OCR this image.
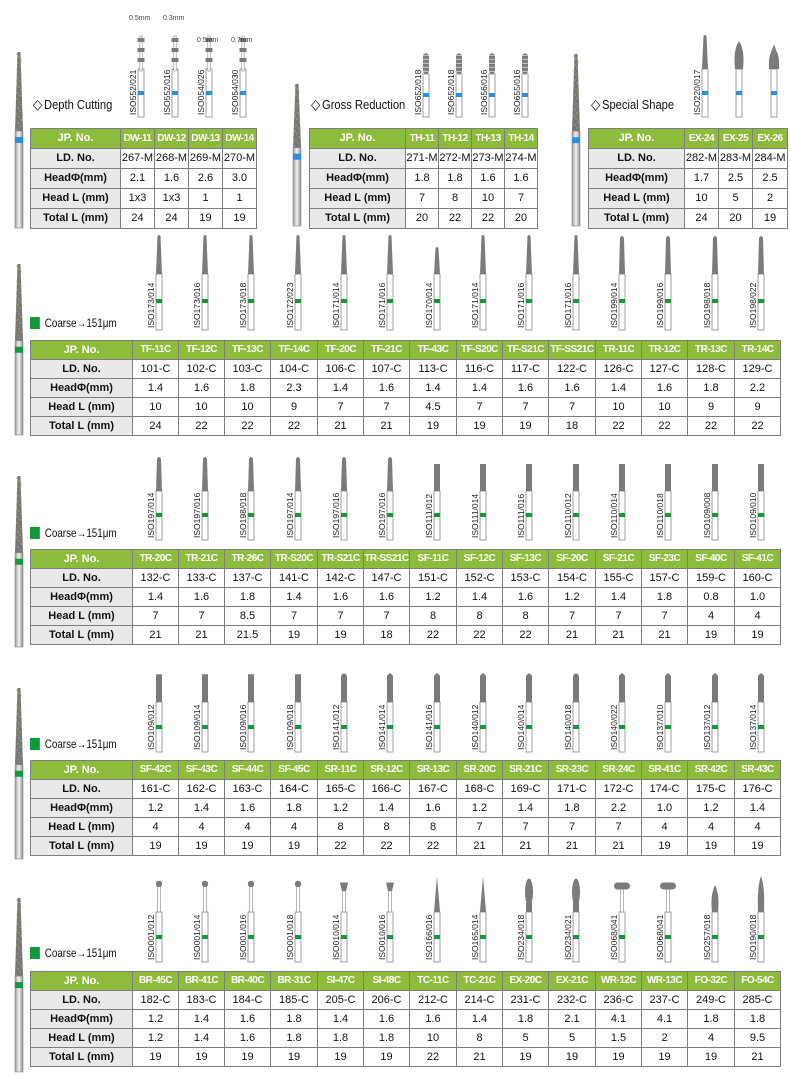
◇ Depth Cutting ISO552/021
0.5mm
ISO552/016
0.3mm
ISO054/026
0.5mm
ISO054/030
0.7mm
JP. No.	DW-11	DW-12	DW-13	DW-14
LD. No.	267-M	268-M	269-M	270-M
HeadΦ(mm)	2.1	1.6	2.6	3.0
Head L (mm)	1x3	1x3	1	1
Total L (mm)	24	24	19	19
◇ Gross Reduction ISO652/018	ISO652/018	ISO656/016	ISO655/016
JP. No.	TH-11	TH-12	TH-13	TH-14
LD. No.	271-M	272-M	273-M	274-M
HeadΦ(mm)	1.8	1.8	1.6	1.6
Head L (mm)	7	8	10	7
Total L (mm)	20	22	22	20
◇ Special Shape ISO220/017
JP. No.	EX-24	EX-25	EX-26
LD. No.	282-M	283-M	284-M
HeadΦ(mm)	1.7	2.5	2.5
Head L (mm)	10	5	2
Total L (mm)	24	20	19
Coarse→151μm	ISO173/014	ISO173/016	ISO173/018	ISO172/023	ISO171/014	ISO171/016	ISO170/014	ISO171/014	ISO171/016	ISO171/016	ISO199/014	ISO199/016	ISO198/018	ISO198/022
JP. No.	TF-11C	TF-12C	TF-13C	TF-14C	TF-20C	TF-21C	TF-43C	TF-S20C	TF-S21C	TF-SS21C	TR-11C	TR-12C	TR-13C	TR-14C
LD. No.	101-C	102-C	103-C	104-C	106-C	107-C	113-C	116-C	117-C	122-C	126-C	127-C	128-C	129-C
HeadΦ(mm)	1.4	1.6	1.8	2.3	1.4	1.6	1.4	1.4	1.6	1.6	1.4	1.6	1.8	2.2
Head L (mm)	10	10	10	9	7	7	4.5	7	7	7	10	10	9	9
Total L (mm)	24	22	22	22	21	21	19	19	19	18	22	22	22	22
Coarse→151μm	ISO197/014	ISO197/016	ISO198/018	ISO197/014	ISO197/016	ISO197/016	ISO111/012	ISO111/014	ISO111/016	ISO110/012	ISO110/014	ISO110/018	ISO109/008	ISO109/010
JP. No.	TR-20C	TR-21C	TR-26C	TR-S20C	TR-S21C	TR-SS21C	SF-11C	SF-12C	SF-13C	SF-20C	SF-21C	SF-23C	SF-40C	SF-41C
LD. No.	132-C	133-C	137-C	141-C	142-C	147-C	151-C	152-C	153-C	154-C	155-C	157-C	159-C	160-C
HeadΦ(mm)	1.4	1.6	1.8	1.4	1.6	1.6	1.2	1.4	1.6	1.2	1.4	1.8	0.8	1.0
Head L (mm)	7	7	8.5	7	7	7	8	8	8	7	7	7	4	4
Total L (mm)	21	21	21.5	19	19	18	22	22	22	21	21	21	19	19
Coarse→151μm	ISO109/012	ISO109/014	ISO109/016	ISO109/018	ISO141/012	ISO141/014	ISO141/016	ISO140/012	ISO140/014	ISO140/018	ISO140/022	ISO137/010	ISO137/012	ISO137/014
JP. No.	SF-42C	SF-43C	SF-44C	SF-45C	SR-11C	SR-12C	SR-13C	SR-20C	SR-21C	SR-23C	SR-24C	SR-41C	SR-42C	SR-43C
LD. No.	161-C	162-C	163-C	164-C	165-C	166-C	167-C	168-C	169-C	171-C	172-C	174-C	175-C	176-C
HeadΦ(mm)	1.2	1.4	1.6	1.8	1.2	1.4	1.6	1.2	1.4	1.8	2.2	1.0	1.2	1.4
Head L (mm)	4	4	4	4	8	8	8	7	7	7	7	4	4	4
Total L (mm)	19	19	19	19	22	22	22	21	21	21	21	19	19	19
Coarse→151μm	ISO001/012	ISO001/014	ISO001/016	ISO001/018	ISO010/014	ISO010/016	ISO166/016	ISO165/014	ISO234/018	ISO234/021	ISO068/041	ISO068/041	ISO257/018	ISO190/018
JP. No.	BR-45C	BR-41C	BR-40C	BR-31C	SI-47C	SI-48C	TC-11C	TC-21C	EX-20C	EX-21C	WR-12C	WR-13C	FO-32C	FO-54C
LD. No.	182-C	183-C	184-C	185-C	205-C	206-C	212-C	214-C	231-C	232-C	236-C	237-C	249-C	285-C
HeadΦ(mm)	1.2	1.4	1.6	1.8	1.4	1.6	1.6	1.4	1.8	2.1	4.1	4.1	1.8	1.8
Head L (mm)	1.2	1.4	1.6	1.8	1.8	1.8	10	8	5	5	1.5	2	4	9.5
Total L (mm)	19	19	19	19	19	19	22	21	19	19	19	19	19	21
